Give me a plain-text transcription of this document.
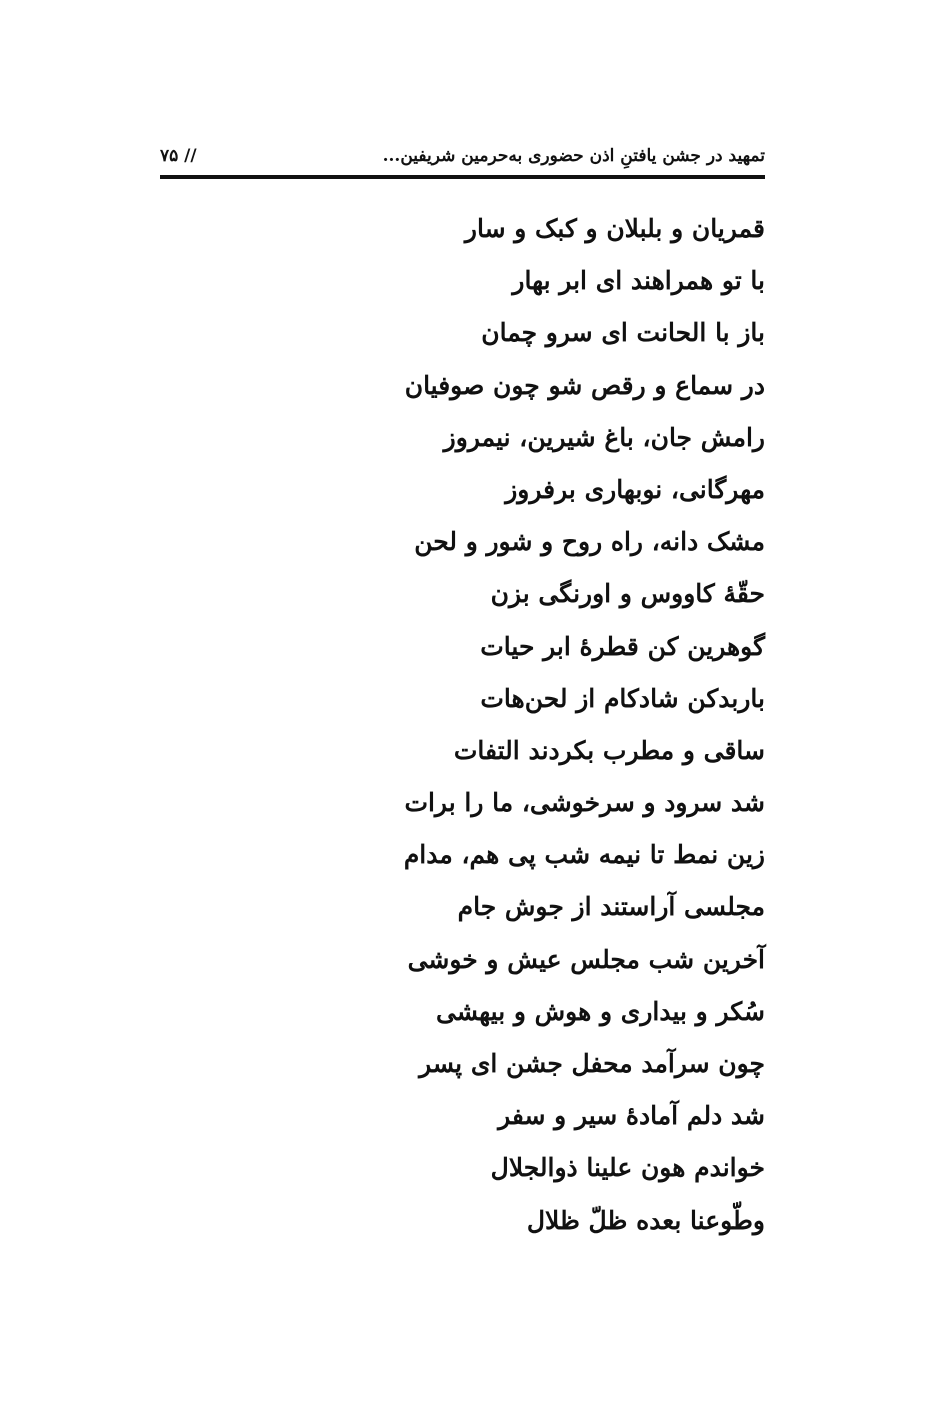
تمهید در جشن یافتنِ اذن حضوری به‌حرمین شریفین...
// ۷۵
قمریان و بلبلان و کبک و سار
با تو همراهند ای ابر بهار
باز با الحانت ای سرو چمان
در سماع و رقص شو چون صوفیان
رامش جان، باغ شیرین، نیمروز
مهرگانی، نوبهاری برفروز
مشک دانه، راه روح و شور و لحن
حقّهٔ کاووس و اورنگی بزن
گوهرین کن قطرهٔ ابر حیات
باربدکن شادکام از لحن‌هات
ساقی و مطرب بکردند التفات
شد سرود و سرخوشی، ما را برات
زین نمط تا نیمه شب پی هم، مدام
مجلسی آراستند از جوش جام
آخرین شب مجلس عیش و خوشی
سُکر و بیداری و هوش و بیهشی
چون سرآمد محفل جشن ای پسر
شد دلم آمادهٔ سیر و سفر
خواندم هون علینا ذوالجلال
وطّوعنا بعده ظلّ ظلال
